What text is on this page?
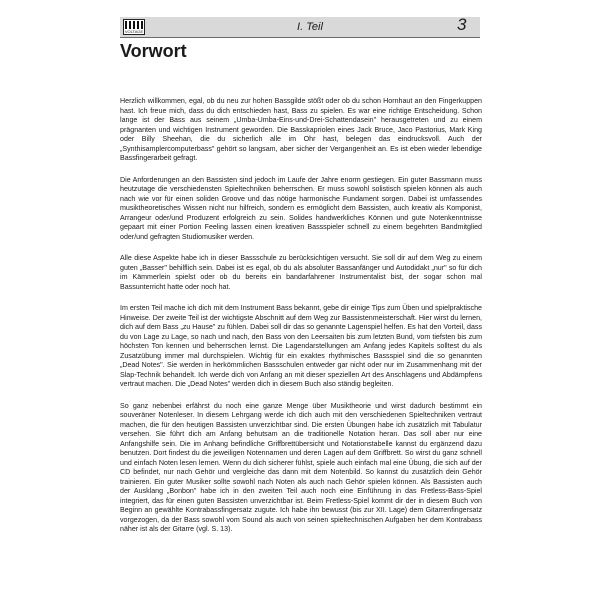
VOLTAGE	I. Teil	3
Vorwort

Herzlich willkommen, egal, ob du neu zur hohen Bassgilde stößt oder ob du schon Hornhaut an den Fingerkuppen hast. Ich freue mich, dass du dich entschieden hast, Bass zu spielen. Es war eine richtige Entscheidung. Schon lange ist der Bass aus seinem „Umba-Umba-Eins-und-Drei-Schattendasein" herausgetreten und zu einem prägnanten und wichtigen Instrument geworden. Die Basskapriolen eines Jack Bruce, Jaco Pastorius, Mark King oder Billy Sheehan, die du sicherlich alle im Ohr hast, belegen das eindrucksvoll. Auch der „Synthisamplercomputerbass" gehört so langsam, aber sicher der Vergangenheit an. Es ist eben wieder lebendige Bassfingerarbeit gefragt.

Die Anforderungen an den Bassisten sind jedoch im Laufe der Jahre enorm gestiegen. Ein guter Bassmann muss heutzutage die verschiedensten Spieltechniken beherrschen. Er muss sowohl solistisch spielen können als auch nach wie vor für einen soliden Groove und das nötige harmonische Fundament sorgen. Dabei ist umfassendes musiktheoretisches Wissen nicht nur hilfreich, sondern es ermöglicht dem Bassisten, auch kreativ als Komponist, Arrangeur oder/und Produzent erfolgreich zu sein. Solides handwerkliches Können und gute Notenkenntnisse gepaart mit einer Portion Feeling lassen einen kreativen Bassspieler schnell zu einem begehrten Bandmitglied oder/und gefragten Studiomusiker werden.

Alle diese Aspekte habe ich in dieser Bassschule zu berücksichtigen versucht. Sie soll dir auf dem Weg zu einem guten „Basser" behilflich sein. Dabei ist es egal, ob du als absoluter Bassanfänger und Autodidakt „nur" so für dich im Kämmerlein spielst oder ob du bereits ein bandarfahrener Instrumentalist bist, der sogar schon mal Bassunterricht hatte oder noch hat.

Im ersten Teil mache ich dich mit dem Instrument Bass bekannt, gebe dir einige Tips zum Üben und spielpraktische Hinweise. Der zweite Teil ist der wichtigste Abschnitt auf dem Weg zur Bassistenmeisterschaft. Hier wirst du lernen, dich auf dem Bass „zu Hause" zu fühlen. Dabei soll dir das so genannte Lagenspiel helfen. Es hat den Vorteil, dass du von Lage zu Lage, so nach und nach, den Bass von den Leersaiten bis zum letzten Bund, vom tiefsten bis zum höchsten Ton kennen und beherrschen lernst. Die Lagendarstellungen am Anfang jedes Kapitels solltest du als Zusatzübung immer mal durchspielen. Wichtig für ein exaktes rhythmisches Bassspiel sind die so genannten „Dead Notes". Sie werden in herkömmlichen Bassschulen entweder gar nicht oder nur im Zusammenhang mit der Slap-Technik behandelt. Ich werde dich von Anfang an mit dieser speziellen Art des Anschlagens und Abdämpfens vertraut machen. Die „Dead Notes" werden dich in diesem Buch also ständig begleiten.

So ganz nebenbei erfährst du noch eine ganze Menge über Musiktheorie und wirst dadurch bestimmt ein souveräner Notenleser. In diesem Lehrgang werde ich dich auch mit den verschiedenen Spieltechniken vertraut machen, die für den heutigen Bassisten unverzichtbar sind. Die ersten Übungen habe ich zusätzlich mit Tabulatur versehen. Sie führt dich am Anfang behutsam an die traditionelle Notation heran. Das soll aber nur eine Anfangshilfe sein. Die im Anhang befindliche Griffbrettübersicht und Notationstabelle kannst du ergänzend dazu benutzen. Dort findest du die jeweiligen Notennamen und deren Lagen auf dem Griffbrett. So wirst du ganz schnell und einfach Noten lesen lernen. Wenn du dich sicherer fühlst, spiele auch einfach mal eine Übung, die sich auf der CD befindet, nur nach Gehör und vergleiche das dann mit dem Notenbild. So kannst du zusätzlich dein Gehör trainieren. Ein guter Musiker sollte sowohl nach Noten als auch nach Gehör spielen können. Als Bassisten auch der Ausklang „Bonbon" habe ich in den zweiten Teil auch noch eine Einführung in das Fretless-Bass-Spiel integriert, das für einen guten Bassisten unverzichtbar ist. Beim Fretless-Spiel kommt dir der in diesem Buch von Beginn an gewählte Kontrabassfingersatz zugute. Ich habe ihn bewusst (bis zur XII. Lage) dem Gitarrenfingersatz vorgezogen, da der Bass sowohl vom Sound als auch von seinen spieltechnischen Aufgaben her dem Kontrabass näher ist als der Gitarre (vgl. S. 13).
